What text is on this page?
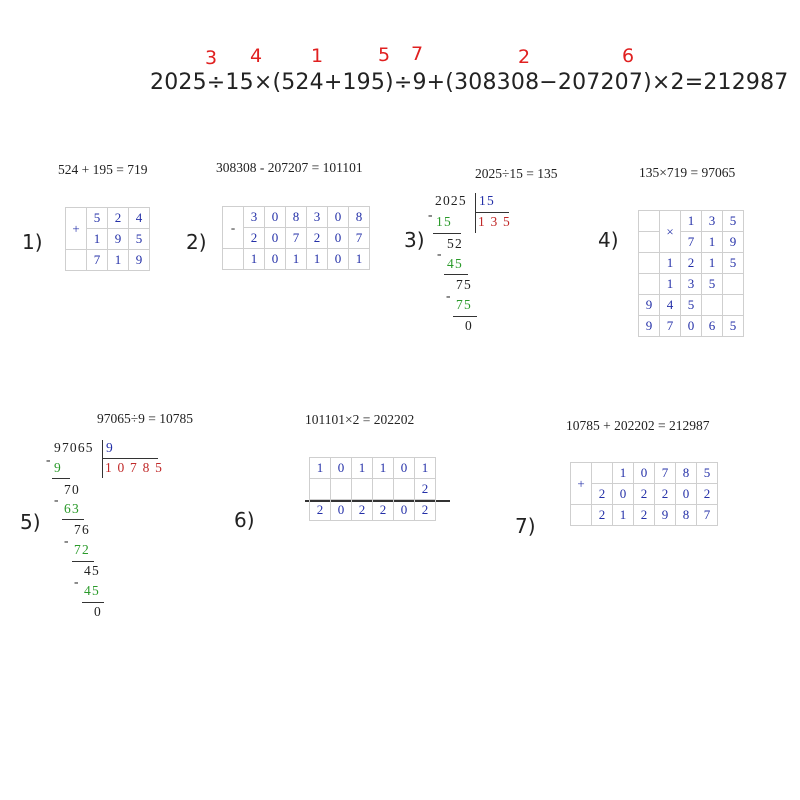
3 4	1	5 7	2	6
2025÷15×(524+195)÷9+(308308−207207)×2=212987
1)
524 + 195 = 719
+	5	2	4
	1	9	5
	7	1	9
2)
308308 - 207207 = 101101
-	3	0	8	3	0	8
	2	0	7	2	0	7
	1	0	1	1	0	1
3)
2025÷15 = 135
2025 15
1 3 5
- 15
52
-
45
75
-
75
0
4)
135×719 = 97065
	×	1	3	5
		7	1	9
	1	2	1	5
	1	3	5	
9	4	5		
9	7	0	6	5
5)
97065÷9 = 10785
97065 9
1 0 7 8 5
-
9
70
-
63
76
-
72
45
-
45
0
6)
101101×2 = 202202
1	0	1	1	0	1
					2
2	0	2	2	0	2
7)
10785 + 202202 = 212987
+		1	0	7	8	5
	2	0	2	2	0	2
	2	1	2	9	8	7
